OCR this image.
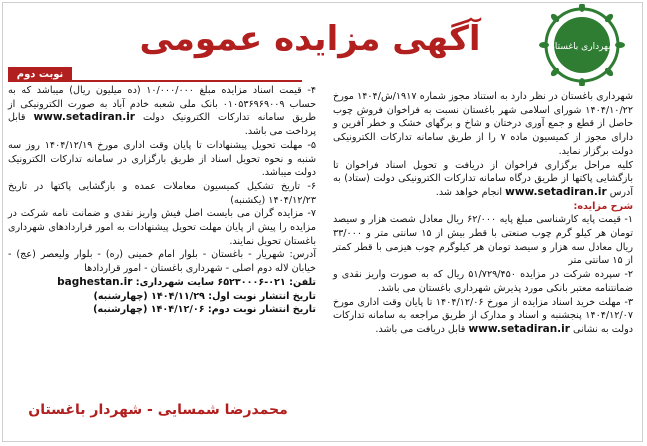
شهرداری باغستان
آگهی مزایده عمومی
نوبت دوم

شهرداری باغستان در نظر دارد به استناد مجوز شماره ۱۹۱۷/ش/۱۴۰۴ مورخ ۱۴۰۴/۱۰/۲۲ شورای اسلامی شهر باغستان نسبت به فراخوان فروش چوب حاصل از قطع و جمع آوری درختان و شاخ و برگهای خشک و خطر آفرین و دارای مجوز از کمیسیون ماده ۷ را از طریق سامانه تدارکات الکترونیکی دولت برگزار نماید.

کلیه مراحل برگزاری فراخوان از دریافت و تحویل اسناد فراخوان تا بازگشایی پاکتها از طریق درگاه سامانه تدارکات الکترونیکی دولت (ستاد) به آدرس www.setadiran.ir انجام خواهد شد.

شرح مزایده:

۱- قیمت پایه کارشناسی مبلغ پایه ۶۲/۰۰۰ ریال معادل شصت هزار و سیصد تومان هر کیلو گرم چوب صنعتی با قطر بیش از ۱۵ سانتی متر و ۳۳/۰۰۰ ریال معادل سه هزار و سیصد تومان هر کیلوگرم چوب هیزمی با قطر کمتر از ۱۵ سانتی متر

۲- سپرده شرکت در مزایده ۵۱/۷۲۹/۴۵۰ ریال که به صورت واریز نقدی و ضمانتنامه معتبر بانکی مورد پذیرش شهرداری باغستان می باشد.

۳- مهلت خرید اسناد مزایده از مورخ ۱۴۰۴/۱۲/۰۶ تا پایان وقت اداری مورخ ۱۴۰۴/۱۲/۰۷ پنجشنبه و اسناد و مدارک از طریق مراجعه به سامانه تدارکات دولت به نشانی www.setadiran.ir قابل دریافت می باشد.

۴- قیمت اسناد مزایده مبلغ ۱۰/۰۰۰/۰۰۰ (ده میلیون ریال) میباشد که به حساب ۰۱۰۵۳۶۹۶۹۰۰۹ بانک ملی شعبه خادم آباد به صورت الکترونیکی از طریق سامانه تدارکات الکترونیک دولت www.setadiran.ir قابل پرداخت می باشد.

۵- مهلت تحویل پیشنهادات تا پایان وقت اداری مورخ ۱۴۰۴/۱۲/۱۹ روز سه شنبه و نحوه تحویل اسناد از طریق بارگزاری در سامانه تدارکات الکترونیک دولت میباشد.

۶- تاریخ تشکیل کمیسیون معاملات عمده و بازگشایی پاکتها در تاریخ ۱۴۰۴/۱۲/۲۳ (یکشنبه)

۷- مزایده گران می بایست اصل فیش واریز نقدی و ضمانت نامه شرکت در مزایده را پیش از پایان مهلت تحویل پیشنهادات به امور قراردادهای شهرداری باغستان تحویل نمایند.

آدرس: شهریار - باغستان - بلوار امام خمینی (ره) - بلوار ولیعصر (عج) - خیابان لاله دوم اصلی - شهرداری باغستان - امور قراردادها

تلفن: ۰۲۱-۶۵۲۳۰۰۰۶ سایت شهرداری: baghestan.ir

تاریخ انتشار نوبت اول: ۱۴۰۴/۱۱/۲۹ (چهارشنبه)

تاریخ انتشار نوبت دوم: ۱۴۰۴/۱۲/۰۶ (چهارشنبه)

محمدرضا شمسایی - شهردار باغستان
